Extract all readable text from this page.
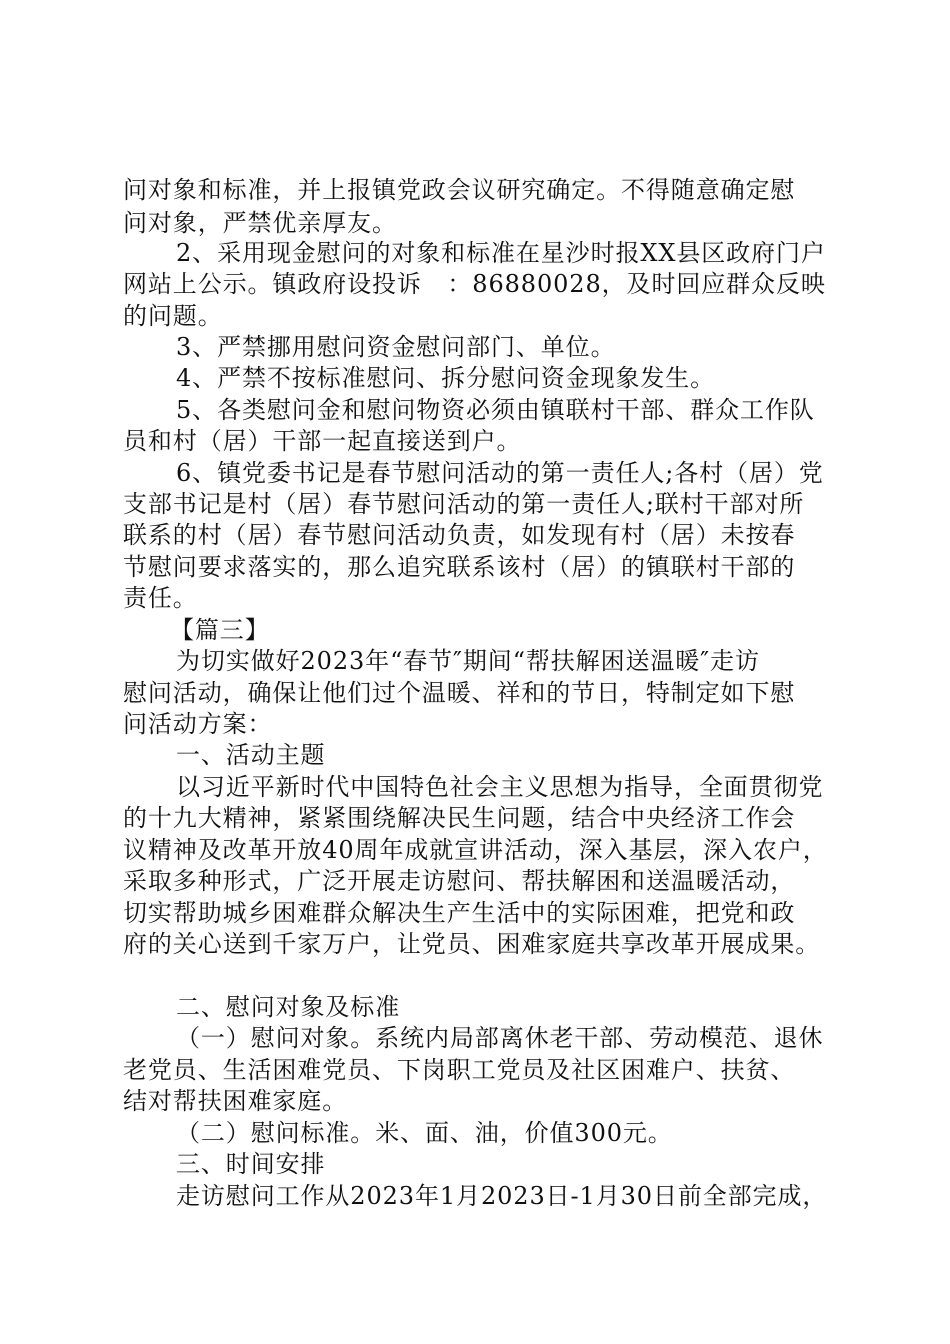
问对象和标准，并上报镇党政会议研究确定。不得随意确定慰
问对象，严禁优亲厚友。
2、采用现金慰问的对象和标准在星沙时报XX县区政府门户
网站上公示。镇政府设投诉   ：86880028，及时回应群众反映
的问题。
3、严禁挪用慰问资金慰问部门、单位。
4、严禁不按标准慰问、拆分慰问资金现象发生。
5、各类慰问金和慰问物资必须由镇联村干部、群众工作队
员和村（居）干部一起直接送到户。
6、镇党委书记是春节慰问活动的第一责任人;各村（居）党
支部书记是村（居）春节慰问活动的第一责任人;联村干部对所
联系的村（居）春节慰问活动负责，如发现有村（居）未按春
节慰问要求落实的，那么追究联系该村（居）的镇联村干部的
责任。
【篇三】
为切实做好2023年“春节″期间“帮扶解困送温暖″走访
慰问活动，确保让他们过个温暖、祥和的节日，特制定如下慰
问活动方案：
一、活动主题
以习近平新时代中国特色社会主义思想为指导，全面贯彻党
的十九大精神，紧紧围绕解决民生问题，结合中央经济工作会
议精神及改革开放40周年成就宣讲活动，深入基层，深入农户，
采取多种形式，广泛开展走访慰问、帮扶解困和送温暖活动，
切实帮助城乡困难群众解决生产生活中的实际困难，把党和政
府的关心送到千家万户，让党员、困难家庭共享改革开展成果。
二、慰问对象及标准
（一）慰问对象。系统内局部离休老干部、劳动模范、退休
老党员、生活困难党员、下岗职工党员及社区困难户、扶贫、
结对帮扶困难家庭。
（二）慰问标准。米、面、油，价值300元。
三、时间安排
走访慰问工作从2023年1月2023日-1月30日前全部完成，
